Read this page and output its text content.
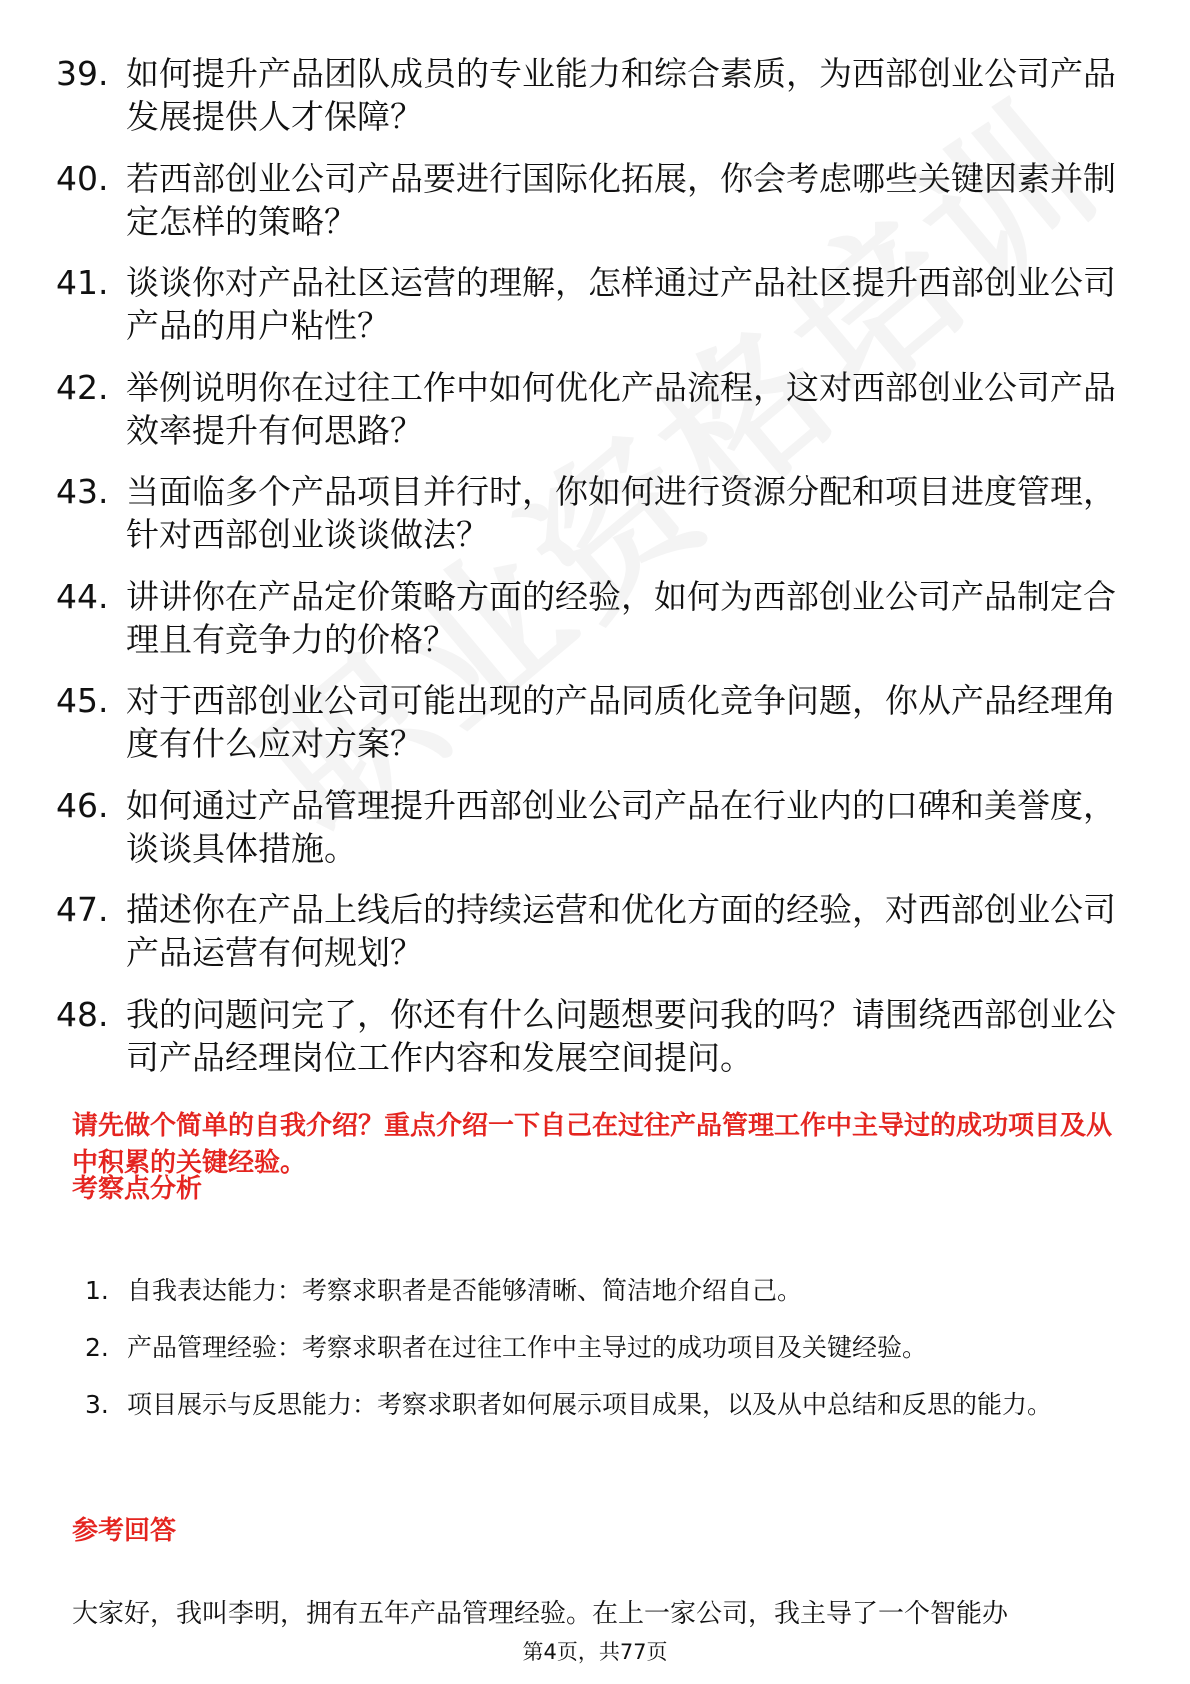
39. 如何提升产品团队成员的专业能力和综合素质，为西部创业公司产品发展提供人才保障？
40. 若西部创业公司产品要进行国际化拓展，你会考虑哪些关键因素并制定怎样的策略？
41. 谈谈你对产品社区运营的理解，怎样通过产品社区提升西部创业公司产品的用户粘性？
42. 举例说明你在过往工作中如何优化产品流程，这对西部创业公司产品效率提升有何思路？
43. 当面临多个产品项目并行时，你如何进行资源分配和项目进度管理，针对西部创业谈谈做法？
44. 讲讲你在产品定价策略方面的经验，如何为西部创业公司产品制定合理且有竞争力的价格？
45. 对于西部创业公司可能出现的产品同质化竞争问题，你从产品经理角度有什么应对方案？
46. 如何通过产品管理提升西部创业公司产品在行业内的口碑和美誉度，谈谈具体措施。
47. 描述你在产品上线后的持续运营和优化方面的经验，对西部创业公司产品运营有何规划？
48. 我的问题问完了，你还有什么问题想要问我的吗？请围绕西部创业公司产品经理岗位工作内容和发展空间提问。

请先做个简单的自我介绍？重点介绍一下自己在过往产品管理工作中主导过的成功项目及从中积累的关键经验。

考察点分析
1. 自我表达能力：考察求职者是否能够清晰、简洁地介绍自己。
2. 产品管理经验：考察求职者在过往工作中主导过的成功项目及关键经验。
3. 项目展示与反思能力：考察求职者如何展示项目成果，以及从中总结和反思的能力。
参考回答

大家好，我叫李明，拥有五年产品管理经验。在上一家公司，我主导了一个智能办

第4页，共77页
